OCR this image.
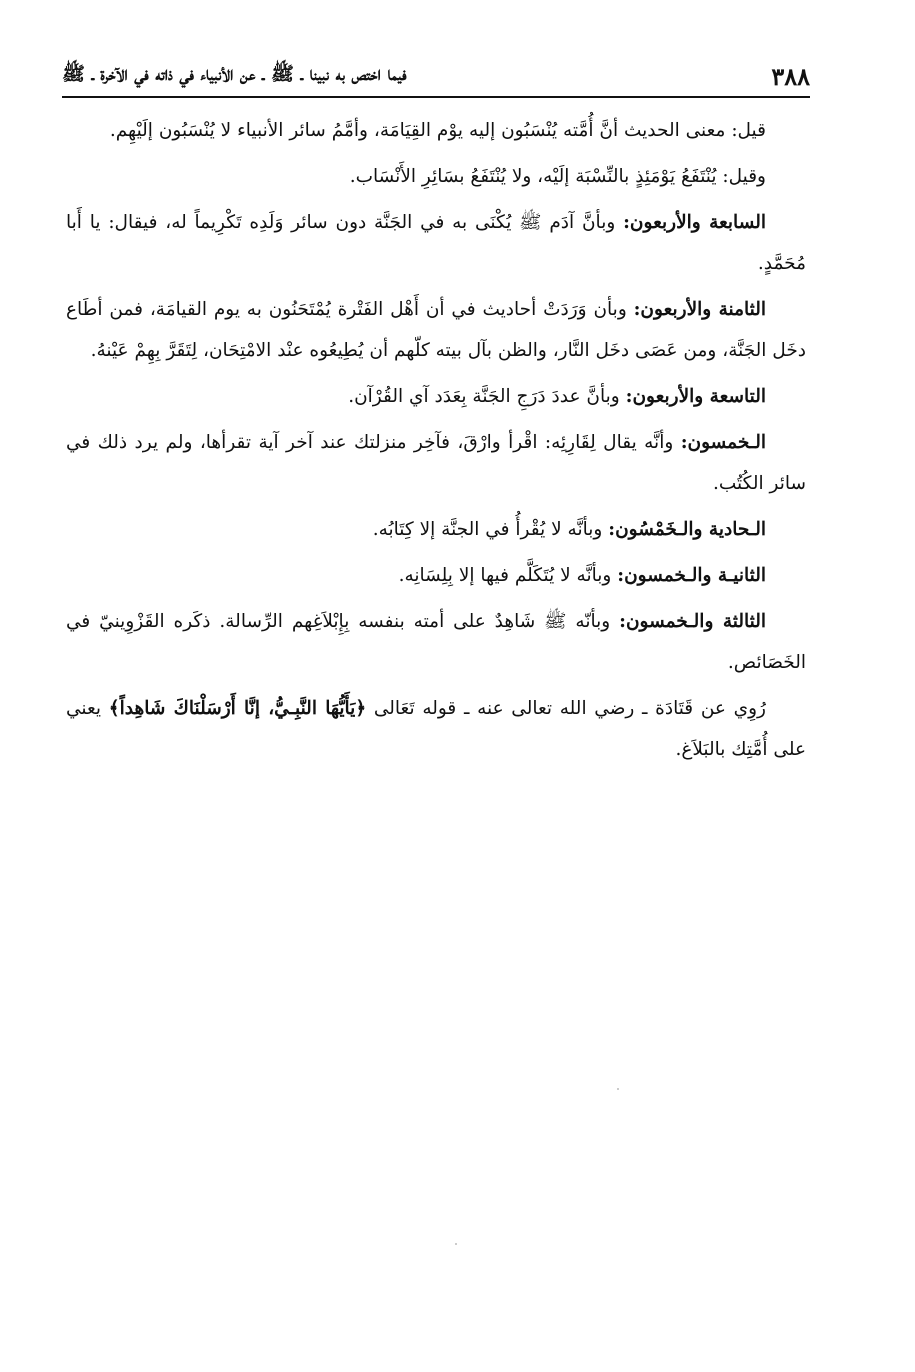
٣٨٨
فيما اختص به نبينا ـ ﷺ ـ عن الأنبياء في ذاته في الآخرة ـ ﷺ

قيل: معنى الحديث أنَّ أُمَّته يُنْسَبُون إليه يوْم القِيَامَة، وأمَّمُ سائر الأنبياء لا يُنْسَبُون إلَيْهِم.

وقيل: يُنْتَفَعُ يَوْمَئِذٍ بالنِّسْبَة إلَيْه، ولا يُنْتَفَعُ بسَائِرِ الأَنْسَاب.

السابعة والأربعون: وبأنَّ آدَم ﷺ يُكْنَى به في الجَنَّة دون سائر وَلَدِه تَكْرِيماً له، فيقال: يا أَبا مُحَمَّدٍ.

الثامنة والأربعون: وبأن وَرَدَتْ أحاديث في أن أَهْل الفَتْرة يُمْتَحَنُون به يوم القيامَة، فمن أطَاع دخَل الجَنَّة، ومن عَصَى دخَل النَّار، والظن بآل بيته كلّهم أن يُطِيعُوه عنْد الامْتِحَان، لِتَقَرَّ بِهِمْ عَيْنهُ.

التاسعة والأربعون: وبأنَّ عددَ دَرَجِ الجَنَّة بِعَدَد آي القُرْآن.

الـخمسون: وأنَّه يقال لِقَارِئِه: اقْرأ وارْقَ، فآخِر منزلتك عند آخر آية تقرأها، ولم يرد ذلك في سائر الكُتُب.

الـحادية والـخَمْسُون: وبأنَّه لا يُقْرأُ في الجنَّة إلا كِتَابُه.

الثانيـة والـخمسون: وبأنَّه لا يُتَكَلَّم فيها إلا بِلِسَانِه.

الثالثة والـخمسون: وبأنّه ﷺ شَاهِدٌ على أمته بنفسه بِإِبْلاَغِهم الرِّسالة. ذكَره القَزْوِينيّ في الخَصَائص.

رُوِي عن قَتَادَة ـ رضي الله تعالى عنه ـ قوله تَعَالى ﴿يَأَيُّهَا النَّبِـيُّ، إنَّا أَرْسَلْنَاكَ شَاهِداً﴾ يعني على أُمَّتِك بالبَلاَغ.
